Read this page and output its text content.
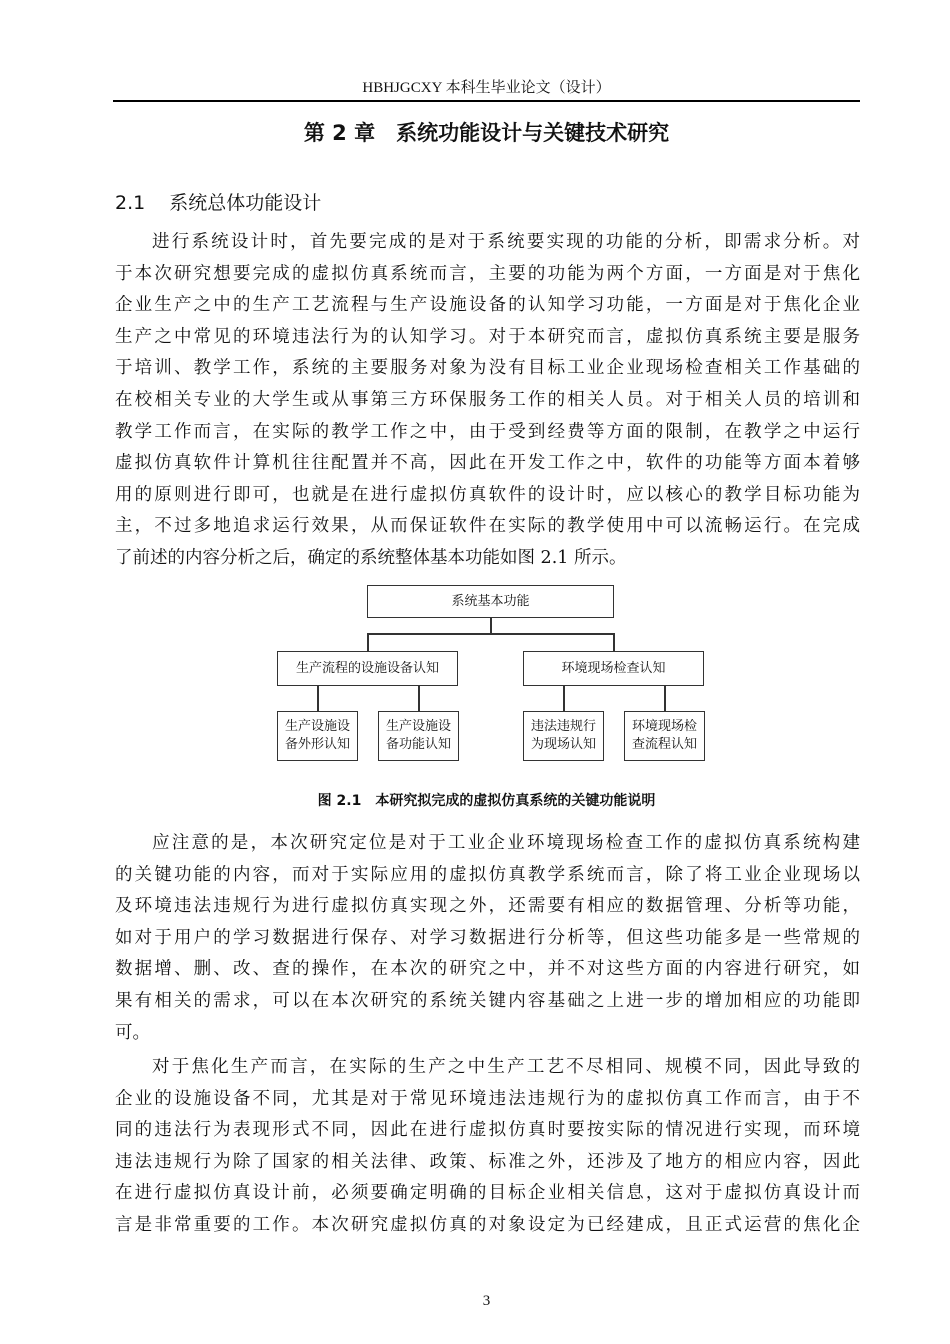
HBHJGCXY 本科生毕业论文（设计）
第 2 章　系统功能设计与关键技术研究
2.1 系统总体功能设计
进行系统设计时，首先要完成的是对于系统要实现的功能的分析，即需求分析。对
于本次研究想要完成的虚拟仿真系统而言，主要的功能为两个方面，一方面是对于焦化
企业生产之中的生产工艺流程与生产设施设备的认知学习功能，一方面是对于焦化企业
生产之中常见的环境违法行为的认知学习。对于本研究而言，虚拟仿真系统主要是服务
于培训、教学工作，系统的主要服务对象为没有目标工业企业现场检查相关工作基础的
在校相关专业的大学生或从事第三方环保服务工作的相关人员。对于相关人员的培训和
教学工作而言，在实际的教学工作之中，由于受到经费等方面的限制，在教学之中运行
虚拟仿真软件计算机往往配置并不高，因此在开发工作之中，软件的功能等方面本着够
用的原则进行即可，也就是在进行虚拟仿真软件的设计时，应以核心的教学目标功能为
主，不过多地追求运行效果，从而保证软件在实际的教学使用中可以流畅运行。在完成
了前述的内容分析之后，确定的系统整体基本功能如图 2.1 所示。
系统基本功能
生产流程的设施设备认知	环境现场检查认知
生产设施设
备外形认知
生产设施设
备功能认知
违法违规行
为现场认知
环境现场检
查流程认知
图 2.1　本研究拟完成的虚拟仿真系统的关键功能说明
应注意的是，本次研究定位是对于工业企业环境现场检查工作的虚拟仿真系统构建
的关键功能的内容，而对于实际应用的虚拟仿真教学系统而言，除了将工业企业现场以
及环境违法违规行为进行虚拟仿真实现之外，还需要有相应的数据管理、分析等功能，
如对于用户的学习数据进行保存、对学习数据进行分析等，但这些功能多是一些常规的
数据增、删、改、查的操作，在本次的研究之中，并不对这些方面的内容进行研究，如
果有相关的需求，可以在本次研究的系统关键内容基础之上进一步的增加相应的功能即
可。
对于焦化生产而言，在实际的生产之中生产工艺不尽相同、规模不同，因此导致的
企业的设施设备不同，尤其是对于常见环境违法违规行为的虚拟仿真工作而言，由于不
同的违法行为表现形式不同，因此在进行虚拟仿真时要按实际的情况进行实现，而环境
违法违规行为除了国家的相关法律、政策、标准之外，还涉及了地方的相应内容，因此
在进行虚拟仿真设计前，必须要确定明确的目标企业相关信息，这对于虚拟仿真设计而
言是非常重要的工作。本次研究虚拟仿真的对象设定为已经建成，且正式运营的焦化企
3
